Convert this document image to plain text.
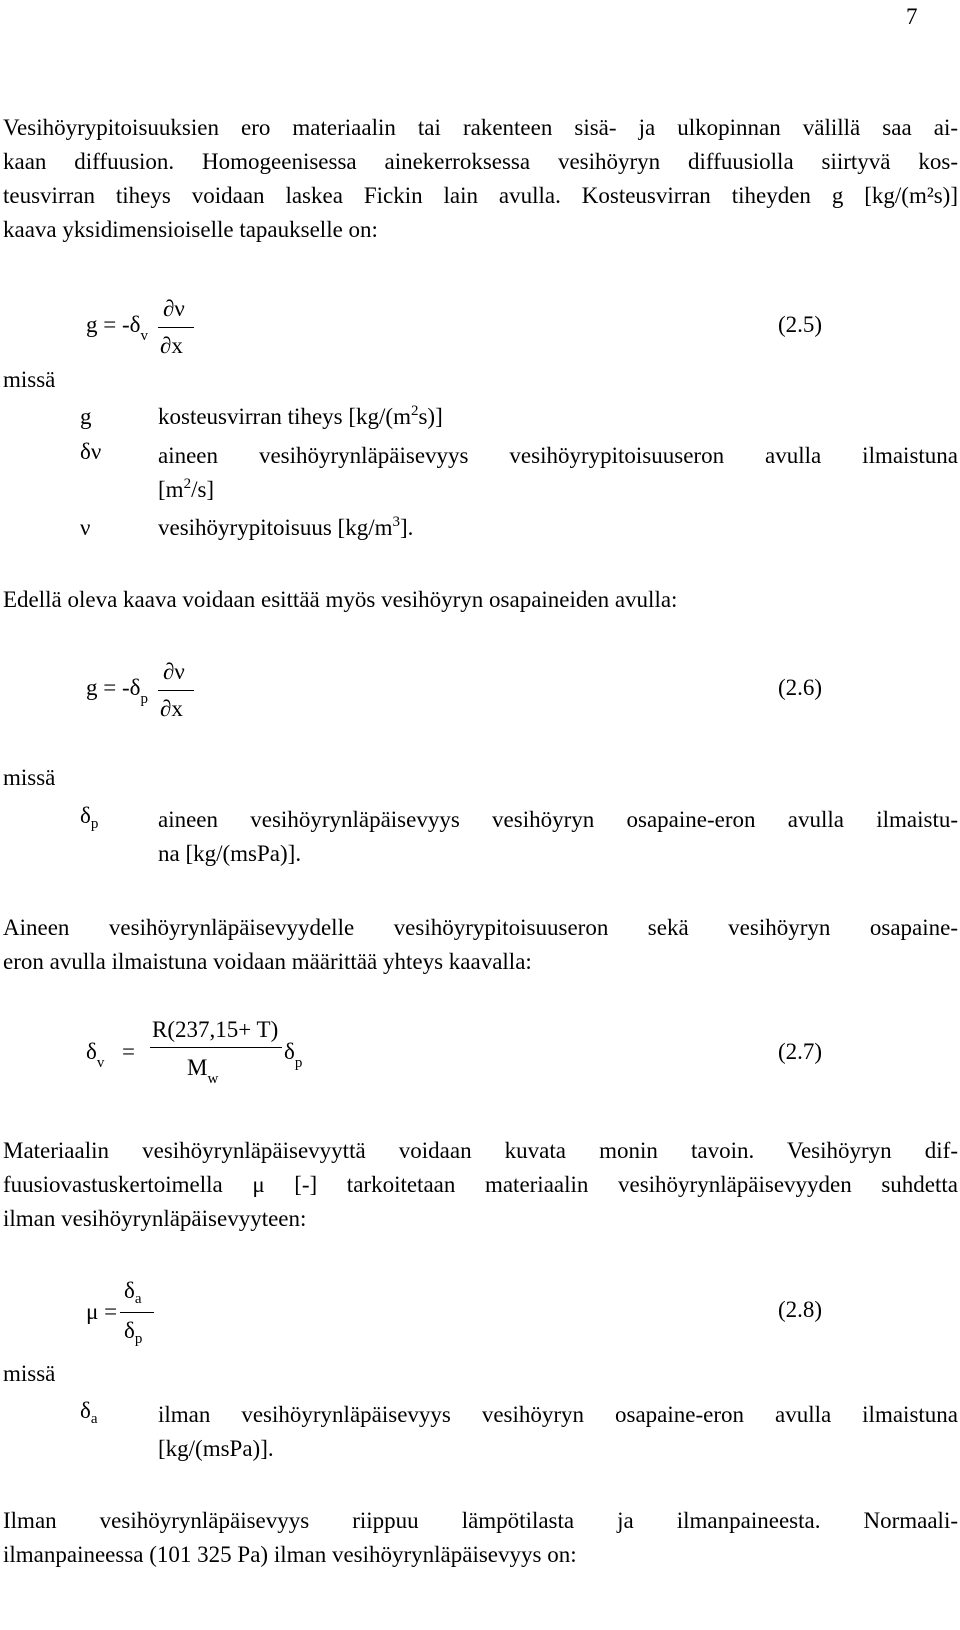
7
Vesihöyrypitoisuuksien ero materiaalin tai rakenteen sisä- ja ulkopinnan välillä saa ai-
kaan diffuusion. Homogeenisessa ainekerroksessa vesihöyryn diffuusiolla siirtyvä kos-
teusvirran tiheys voidaan laskea Fickin lain avulla. Kosteusvirran tiheyden g [kg/(m²s)]
kaava yksidimensioiselle tapaukselle on:
$g = -\delta_v$
∂ν
∂x
(2.5)
missä
g	kosteusvirran tiheys $[kg/(m^2s)]$
δν aineen vesihöyrynläpäisevyys vesihöyrypitoisuuseron avulla ilmaistuna
$[m^2/s]$
ν	vesihöyrypitoisuus $[kg/m^3]$.
Edellä oleva kaava voidaan esittää myös vesihöyryn osapaineiden avulla:
$g = -\delta_p$
∂ν
∂x
(2.6)
missä
$\delta_p$	aineen vesihöyrynläpäisevyys vesihöyryn osapaine-eron avulla ilmaistu-
na [kg/(msPa)].
Aineen vesihöyrynläpäisevyydelle vesihöyrypitoisuuseron sekä vesihöyryn osapaine-
eron avulla ilmaistuna voidaan määrittää yhteys kaavalla:
$\delta_v$ =
R(237,15+ T)
$M_w$
$\delta_p$	(2.7)
Materiaalin vesihöyrynläpäisevyyttä voidaan kuvata monin tavoin. Vesihöyryn dif-
fuusiovastuskertoimella μ [-] tarkoitetaan materiaalin vesihöyrynläpäisevyyden suhdetta
ilman vesihöyrynläpäisevyyteen:
μ =
$\delta_a$
$\delta_p$
(2.8)
missä
$\delta_a$	ilman vesihöyrynläpäisevyys vesihöyryn osapaine-eron avulla ilmaistuna
[kg/(msPa)].
Ilman vesihöyrynläpäisevyys riippuu lämpötilasta ja ilmanpaineesta. Normaali-
ilmanpaineessa (101 325 Pa) ilman vesihöyrynläpäisevyys on:
